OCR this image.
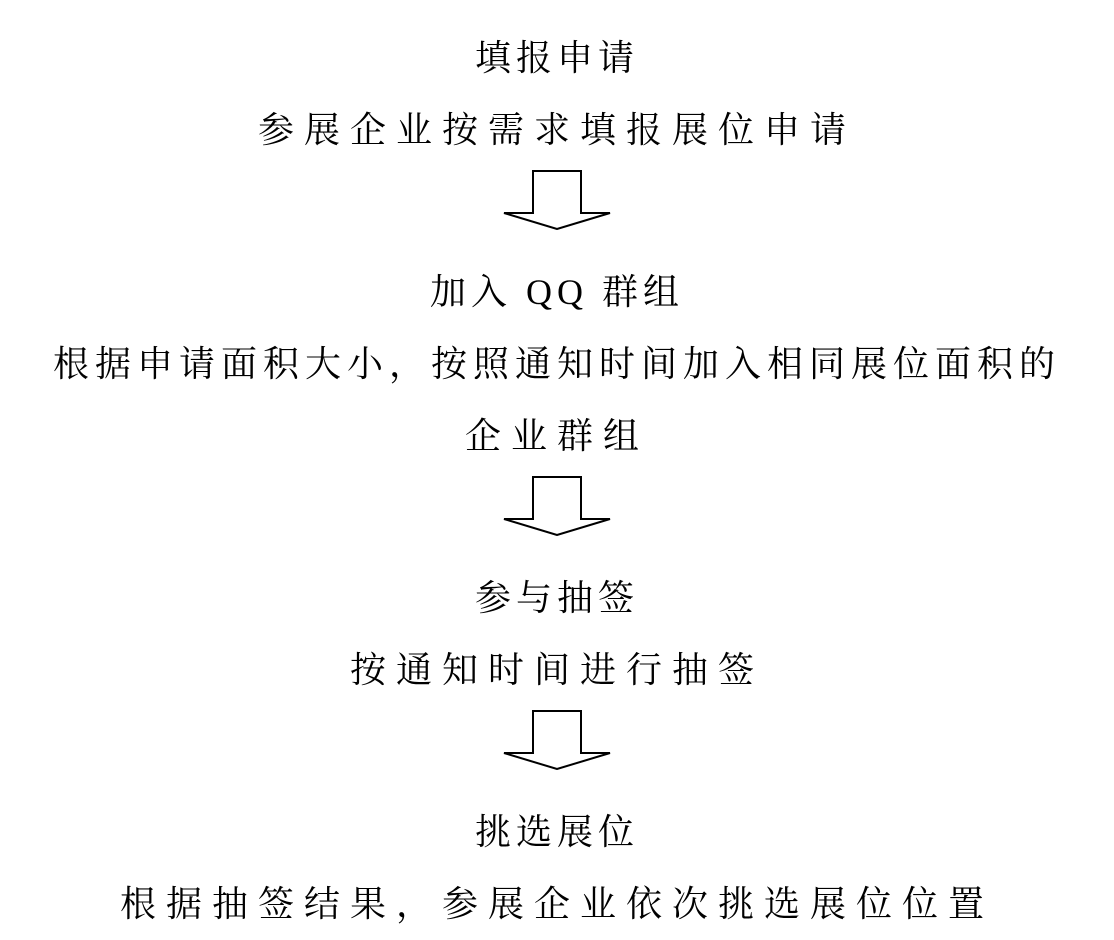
填报申请
参展企业按需求填报展位申请
加入 QQ 群组
根据申请面积大小，按照通知时间加入相同展位面积的
企业群组
参与抽签
按通知时间进行抽签
挑选展位
根据抽签结果，参展企业依次挑选展位位置
